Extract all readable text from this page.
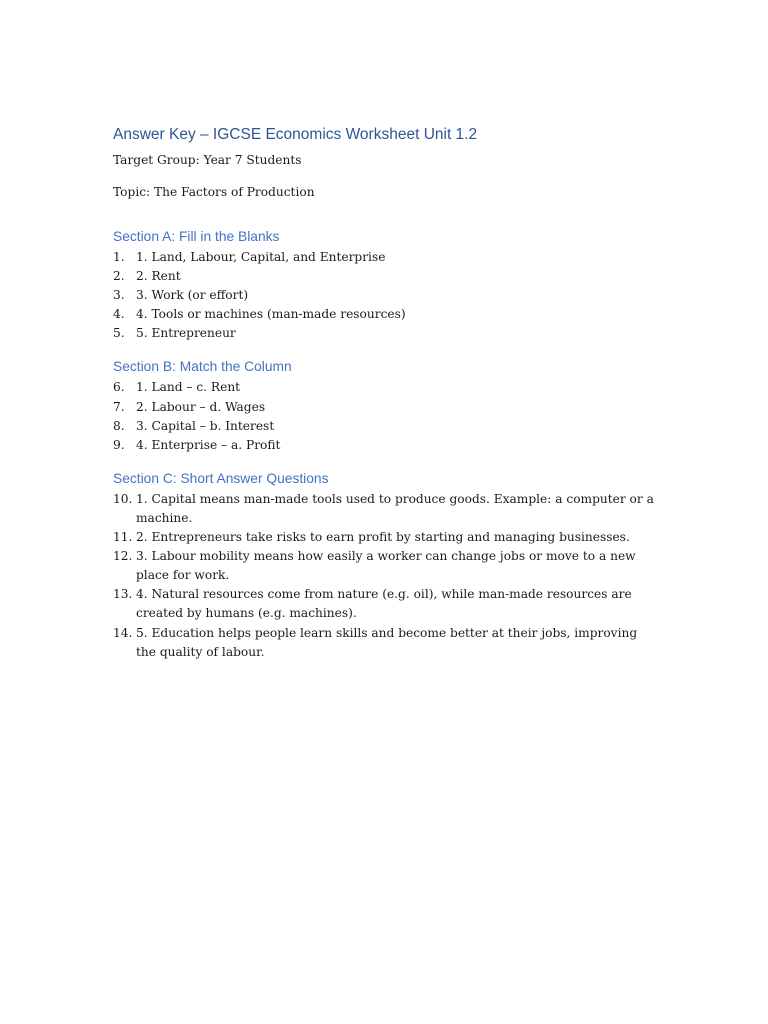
Answer Key – IGCSE Economics Worksheet Unit 1.2

Target Group: Year 7 Students

Topic: The Factors of Production

Section A: Fill in the Blanks
1. 1. Land, Labour, Capital, and Enterprise
2. 2. Rent
3. 3. Work (or effort)
4. 4. Tools or machines (man-made resources)
5. 5. Entrepreneur
Section B: Match the Column
6. 1. Land – c. Rent
7. 2. Labour – d. Wages
8. 3. Capital – b. Interest
9. 4. Enterprise – a. Profit
Section C: Short Answer Questions
10. 1. Capital means man-made tools used to produce goods. Example: a computer or a machine.
11. 2. Entrepreneurs take risks to earn profit by starting and managing businesses.
12. 3. Labour mobility means how easily a worker can change jobs or move to a new place for work.
13. 4. Natural resources come from nature (e.g. oil), while man-made resources are created by humans (e.g. machines).
14. 5. Education helps people learn skills and become better at their jobs, improving the quality of labour.
